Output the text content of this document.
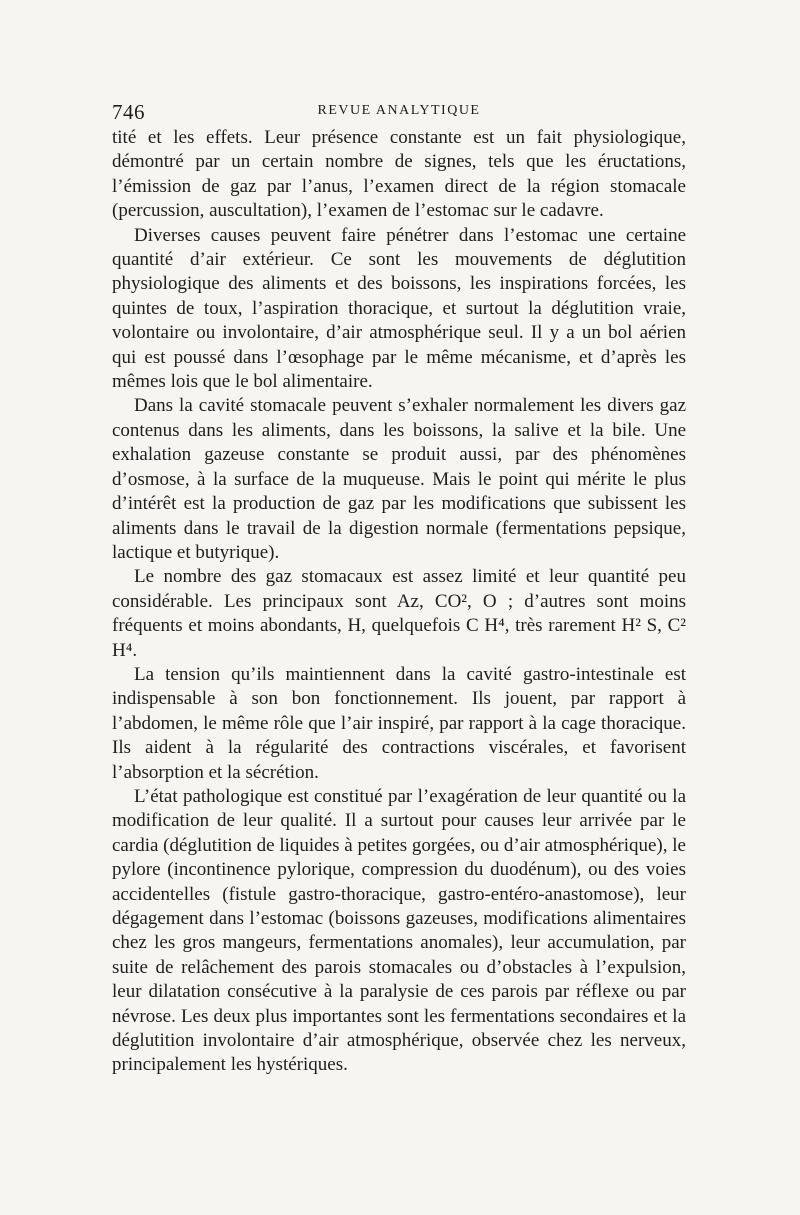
746	REVUE ANALYTIQUE

tité et les effets. Leur présence constante est un fait physiologique, démontré par un certain nombre de signes, tels que les éructations, l’émission de gaz par l’anus, l’examen direct de la région stomacale (percussion, auscultation), l’examen de l’estomac sur le cadavre.

Diverses causes peuvent faire pénétrer dans l’estomac une certaine quantité d’air extérieur. Ce sont les mouvements de déglutition physiologique des aliments et des boissons, les inspirations forcées, les quintes de toux, l’aspiration thoracique, et surtout la déglutition vraie, volontaire ou involontaire, d’air atmosphérique seul. Il y a un bol aérien qui est poussé dans l’œsophage par le même mécanisme, et d’après les mêmes lois que le bol alimentaire.

Dans la cavité stomacale peuvent s’exhaler normalement les divers gaz contenus dans les aliments, dans les boissons, la salive et la bile. Une exhalation gazeuse constante se produit aussi, par des phénomènes d’osmose, à la surface de la muqueuse. Mais le point qui mérite le plus d’intérêt est la production de gaz par les modifications que subissent les aliments dans le travail de la digestion normale (fermentations pepsique, lactique et butyrique).

Le nombre des gaz stomacaux est assez limité et leur quantité peu considérable. Les principaux sont Az, CO², O ; d’autres sont moins fréquents et moins abondants, H, quelquefois C H⁴, très rarement H² S, C² H⁴.

La tension qu’ils maintiennent dans la cavité gastro-intestinale est indispensable à son bon fonctionnement. Ils jouent, par rapport à l’abdomen, le même rôle que l’air inspiré, par rapport à la cage thoracique. Ils aident à la régularité des contractions viscérales, et favorisent l’absorption et la sécrétion.

L’état pathologique est constitué par l’exagération de leur quantité ou la modification de leur qualité. Il a surtout pour causes leur arrivée par le cardia (déglutition de liquides à petites gorgées, ou d’air atmosphérique), le pylore (incontinence pylorique, compression du duodénum), ou des voies accidentelles (fistule gastro-thoracique, gastro-entéro-anastomose), leur dégagement dans l’estomac (boissons gazeuses, modifications alimentaires chez les gros mangeurs, fermentations anomales), leur accumulation, par suite de relâchement des parois stomacales ou d’obstacles à l’expulsion, leur dilatation consécutive à la paralysie de ces parois par réflexe ou par névrose. Les deux plus importantes sont les fermentations secondaires et la déglutition involontaire d’air atmosphérique, observée chez les nerveux, principalement les hystériques.
